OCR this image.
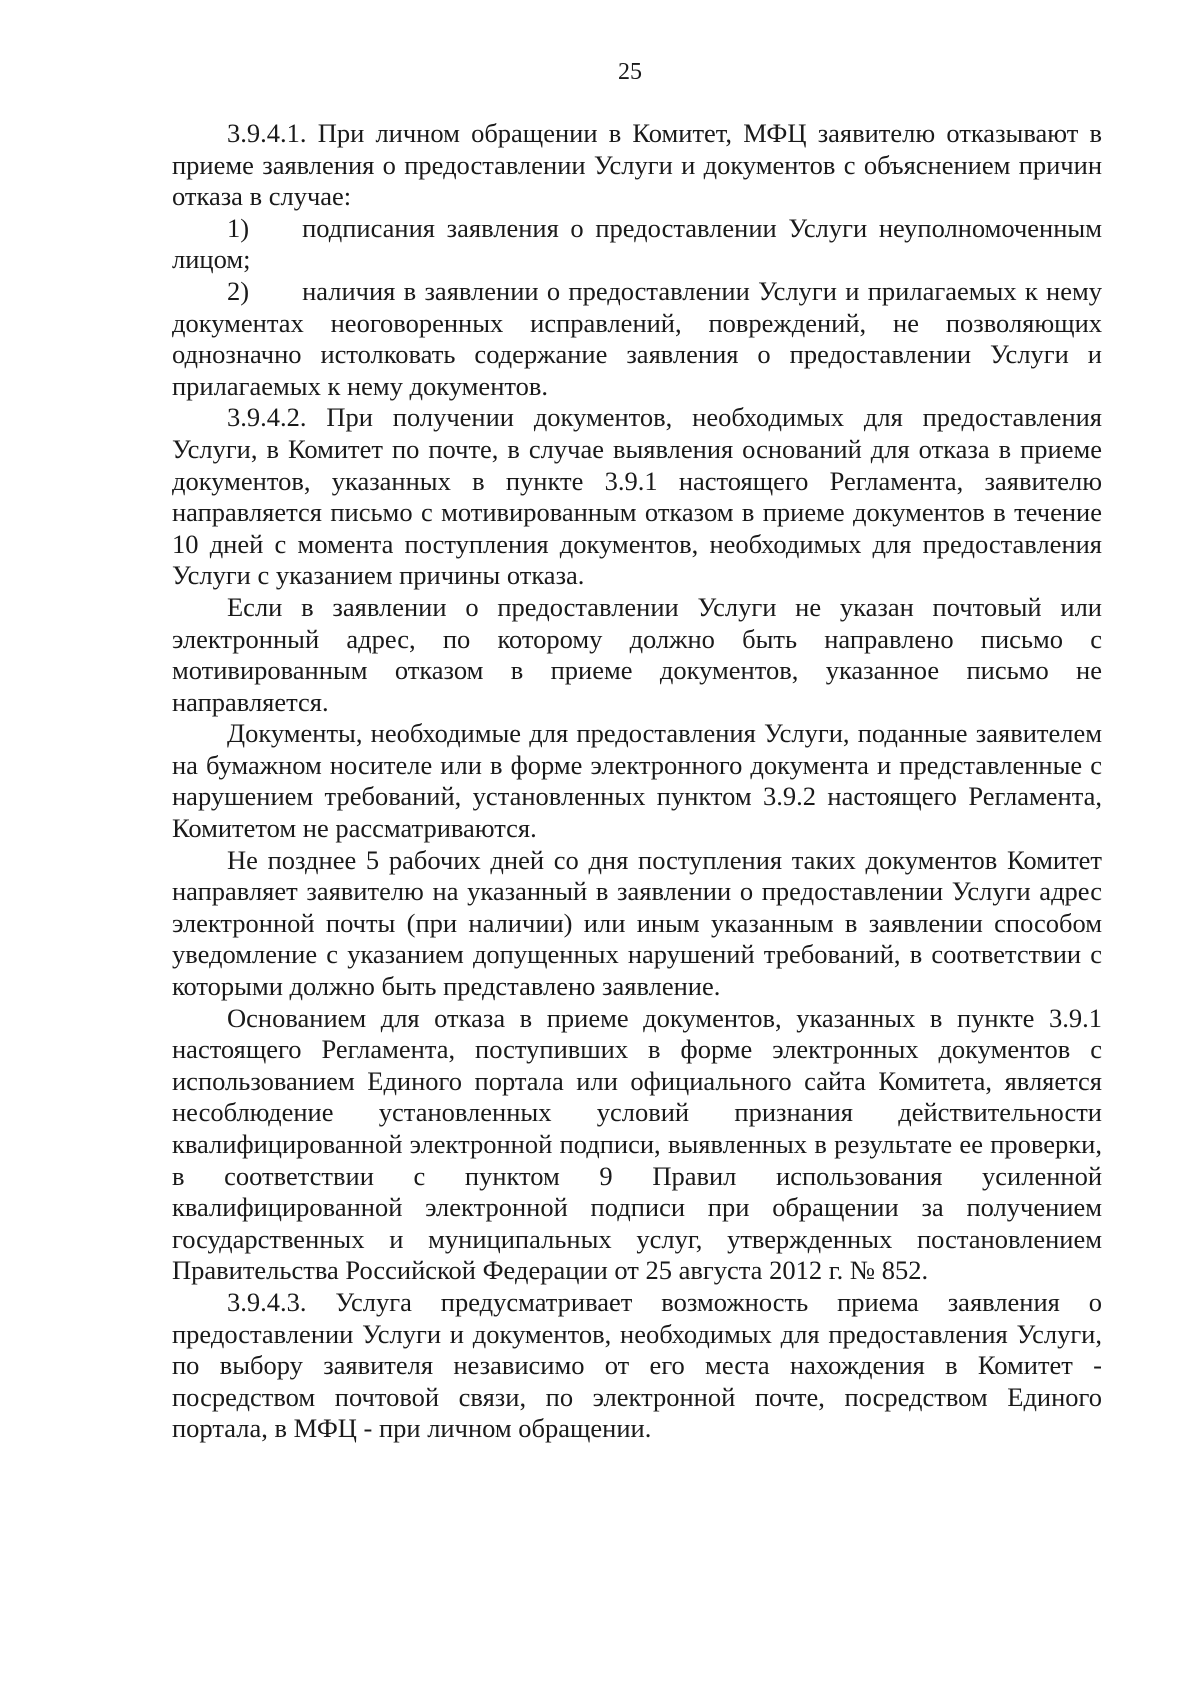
25

3.9.4.1. При личном обращении в Комитет, МФЦ заявителю отказывают в приеме заявления о предоставлении Услуги и документов с объяснением причин отказа в случае:

1)  подписания заявления о предоставлении Услуги неуполномоченным лицом;

2)  наличия в заявлении о предоставлении Услуги и прилагаемых к нему документах неоговоренных исправлений, повреждений, не позволяющих однозначно истолковать содержание заявления о предоставлении Услуги и прилагаемых к нему документов.

3.9.4.2. При получении документов, необходимых для предоставления Услуги, в Комитет по почте, в случае выявления оснований для отказа в приеме документов, указанных в пункте 3.9.1 настоящего Регламента, заявителю направляется письмо с мотивированным отказом в приеме документов в течение 10 дней с момента поступления документов, необходимых для предоставления Услуги с указанием причины отказа.

Если в заявлении о предоставлении Услуги не указан почтовый или электронный адрес, по которому должно быть направлено письмо с мотивированным отказом в приеме документов, указанное письмо не направляется.

Документы, необходимые для предоставления Услуги, поданные заявителем на бумажном носителе или в форме электронного документа и представленные с нарушением требований, установленных пунктом 3.9.2 настоящего Регламента, Комитетом не рассматриваются.

Не позднее 5 рабочих дней со дня поступления таких документов Комитет направляет заявителю на указанный в заявлении о предоставлении Услуги адрес электронной почты (при наличии) или иным указанным в заявлении способом уведомление с указанием допущенных нарушений требований, в соответствии с которыми должно быть представлено заявление.

Основанием для отказа в приеме документов, указанных в пункте 3.9.1 настоящего Регламента, поступивших в форме электронных документов с использованием Единого портала или официального сайта Комитета, является несоблюдение установленных условий признания действительности квалифицированной электронной подписи, выявленных в результате ее проверки, в соответствии с пунктом 9 Правил использования усиленной квалифицированной электронной подписи при обращении за получением государственных и муниципальных услуг, утвержденных постановлением Правительства Российской Федерации от 25 августа 2012 г. № 852.

3.9.4.3. Услуга предусматривает возможность приема заявления о предоставлении Услуги и документов, необходимых для предоставления Услуги, по выбору заявителя независимо от его места нахождения в Комитет - посредством почтовой связи, по электронной почте, посредством Единого портала, в МФЦ - при личном обращении.
